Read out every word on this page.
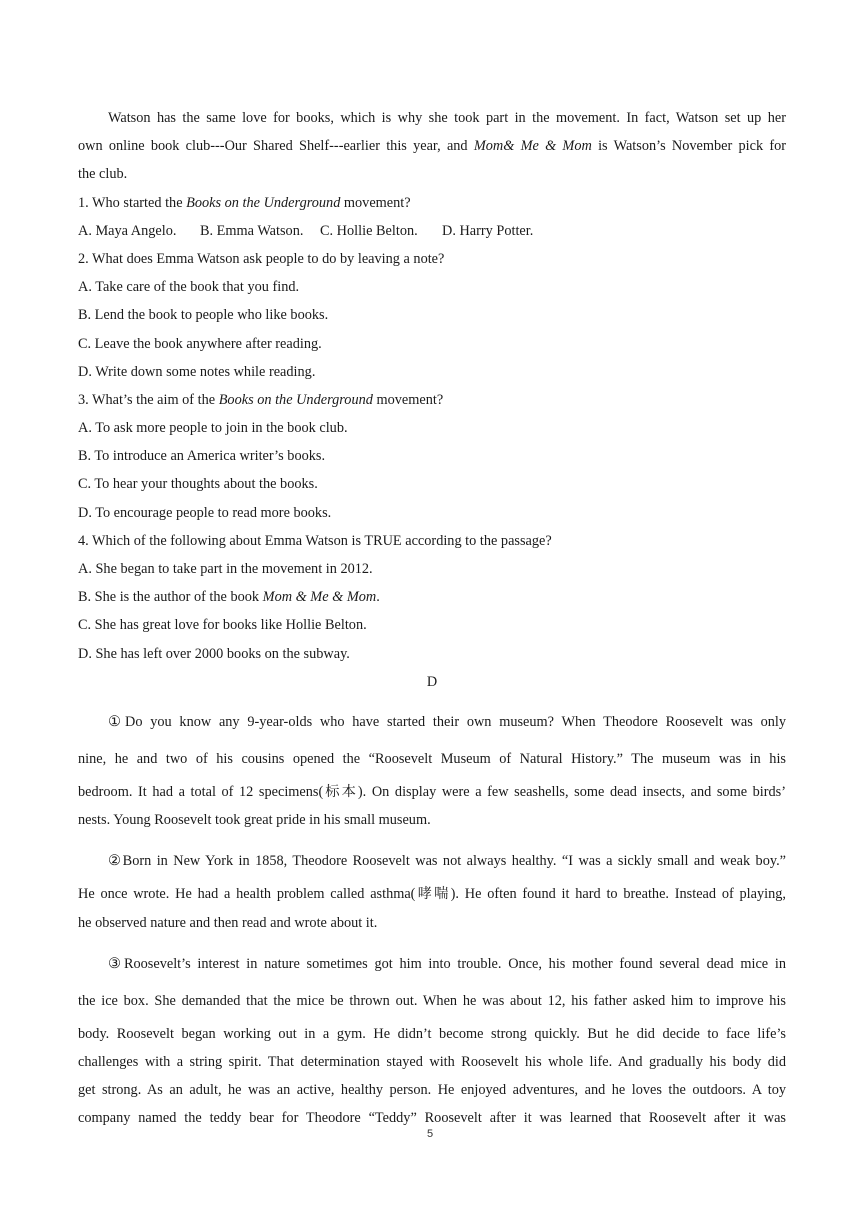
Watson has the same love for books, which is why she took part in the movement. In fact, Watson set up her
own online book club---Our Shared Shelf---earlier this year, and Mom& Me & Mom is Watson’s November pick for
the club.
1. Who started the Books on the Underground movement?
A. Maya Angelo. B. Emma Watson. C. Hollie Belton. D. Harry Potter.
2. What does Emma Watson ask people to do by leaving a note?
A. Take care of the book that you find.
B. Lend the book to people who like books.
C. Leave the book anywhere after reading.
D. Write down some notes while reading.
3. What’s the aim of the Books on the Underground movement?
A. To ask more people to join in the book club.
B. To introduce an America writer’s books.
C. To hear your thoughts about the books.
D. To encourage people to read more books.
4. Which of the following about Emma Watson is TRUE according to the passage?
A. She began to take part in the movement in 2012.
B. She is the author of the book Mom & Me & Mom.
C. She has great love for books like Hollie Belton.
D. She has left over 2000 books on the subway.
D
①Do you know any 9-year-olds who have started their own museum? When Theodore Roosevelt was only
nine, he and two of his cousins opened the “Roosevelt Museum of Natural History.” The museum was in his
bedroom. It had a total of 12 specimens(标本). On display were a few seashells, some dead insects, and some birds’
nests. Young Roosevelt took great pride in his small museum.
②Born in New York in 1858, Theodore Roosevelt was not always healthy. “I was a sickly small and weak boy.”
He once wrote. He had a health problem called asthma(哮喘). He often found it hard to breathe. Instead of playing,
he observed nature and then read and wrote about it.
③Roosevelt’s interest in nature sometimes got him into trouble. Once, his mother found several dead mice in
the ice box. She demanded that the mice be thrown out. When he was about 12, his father asked him to improve his
body. Roosevelt began working out in a gym. He didn’t become strong quickly. But he did decide to face life’s
challenges with a string spirit. That determination stayed with Roosevelt his whole life. And gradually his body did
get strong. As an adult, he was an active, healthy person. He enjoyed adventures, and he loves the outdoors. A toy
company named the teddy bear for Theodore “Teddy” Roosevelt after it was learned that Roosevelt after it was
5
